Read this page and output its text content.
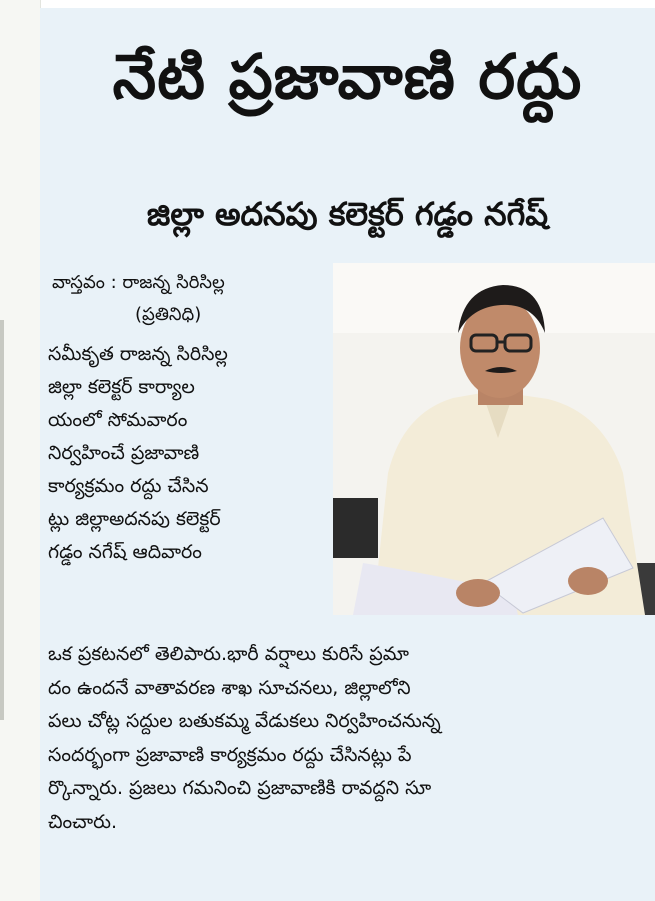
నేటి ప్రజావాణి రద్దు
జిల్లా అదనపు కలెక్టర్ గడ్డం నగేష్
వాస్తవం : రాజన్న సిరిసిల్ల
(ప్రతినిధి)
సమీకృత రాజన్న సిరిసిల్ల
జిల్లా కలెక్టర్ కార్యాల
యంలో సోమవారం
నిర్వహించే ప్రజావాణి
కార్యక్రమం రద్దు చేసిన
ట్లు జిల్లాఅదనపు కలెక్టర్
గడ్డం నగేష్ ఆదివారం
ఒక ప్రకటనలో తెలిపారు.భారీ వర్షాలు కురిసే ప్రమా
దం ఉందనే వాతావరణ శాఖ సూచనలు, జిల్లాలోని
పలు చోట్ల సద్దుల బతుకమ్మ వేడుకలు నిర్వహించనున్న
సందర్భంగా ప్రజావాణి కార్యక్రమం రద్దు చేసినట్లు పే
ర్కొన్నారు. ప్రజలు గమనించి ప్రజావాణికి రావద్దని సూ
చించారు.
